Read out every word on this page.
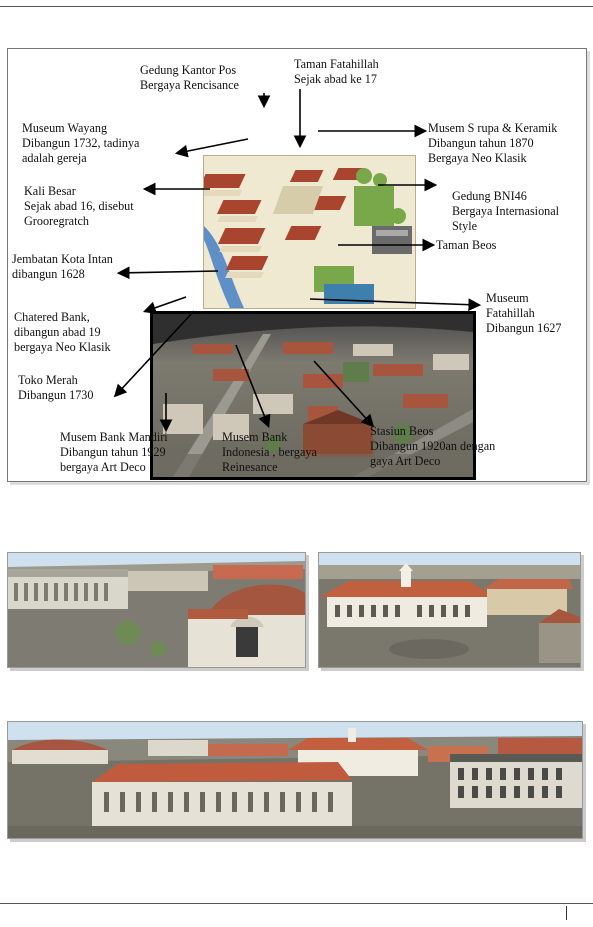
Gedung Kantor Pos
Bergaya Rencisance
Taman Fatahillah
Sejak abad ke 17
Museum Wayang
Dibangun 1732, tadinya
adalah gereja
Musem S rupa & Keramik
Dibangun tahun 1870
Bergaya Neo Klasik
Kali Besar
Sejak abad 16, disebut
Grooregratch
Gedung BNI46
Bergaya Internasional
Style
Taman Beos
Jembatan Kota Intan
dibangun 1628
Museum
Fatahillah
Dibangun 1627
Chatered Bank,
dibangun abad 19
bergaya Neo Klasik
Toko Merah
Dibangun 1730
Musem Bank Mandiri
Dibangun tahun 1929
bergaya Art Deco
Musem Bank
Indonesia , bergaya
Reinesance
Stasiun Beos
Dibangun 1920an dengan
gaya Art Deco
